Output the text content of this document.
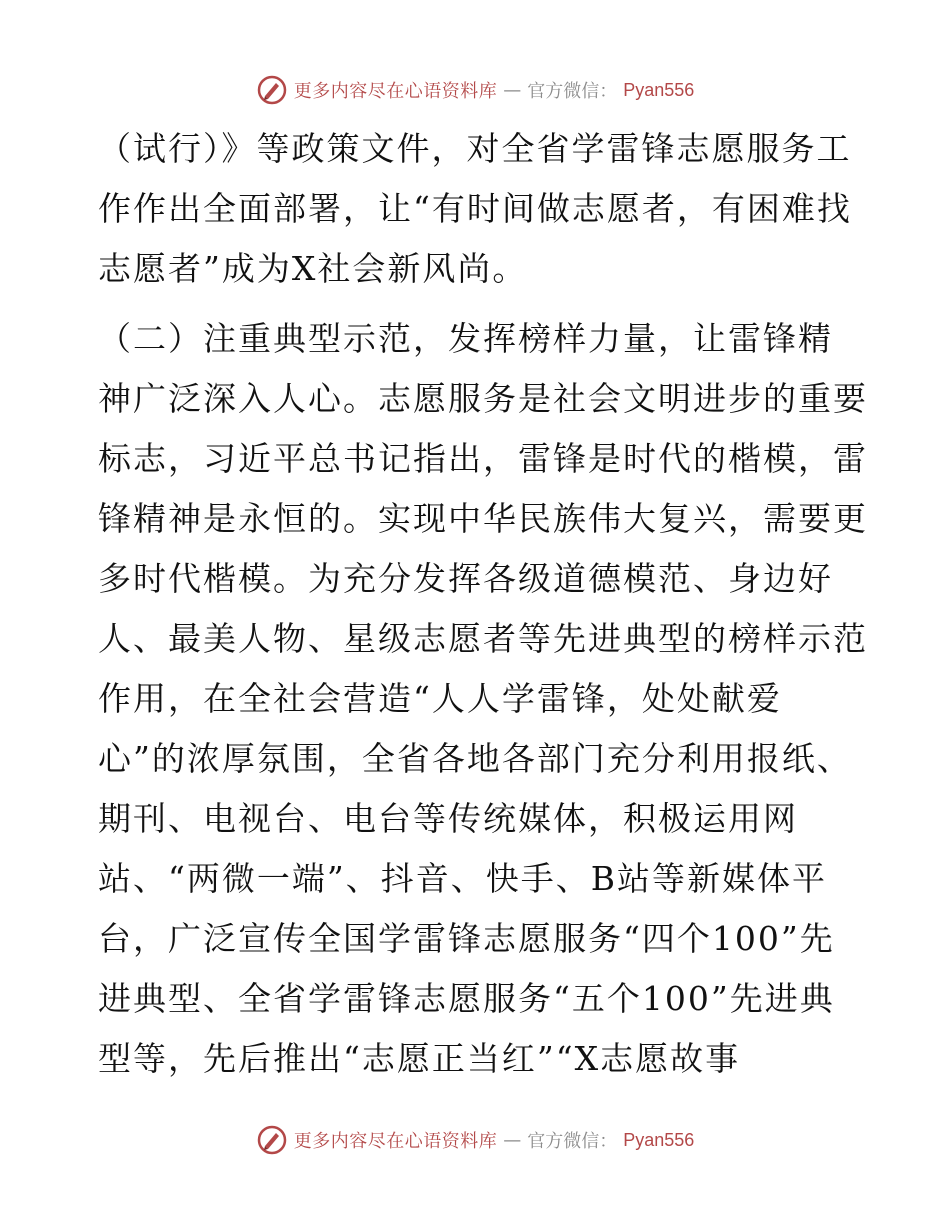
更多内容尽在心语资料库 — 官方微信： Pyan556
（试行）》等政策文件，对全省学雷锋志愿服务工
作作出全面部署，让“有时间做志愿者，有困难找
志愿者”成为X社会新风尚。
（二）注重典型示范，发挥榜样力量，让雷锋精
神广泛深入人心。志愿服务是社会文明进步的重要
标志，习近平总书记指出，雷锋是时代的楷模，雷
锋精神是永恒的。实现中华民族伟大复兴，需要更
多时代楷模。为充分发挥各级道德模范、身边好
人、最美人物、星级志愿者等先进典型的榜样示范
作用，在全社会营造“人人学雷锋，处处献爱
心”的浓厚氛围，全省各地各部门充分利用报纸、
期刊、电视台、电台等传统媒体，积极运用网
站、“两微一端”、抖音、快手、B站等新媒体平
台，广泛宣传全国学雷锋志愿服务“四个100”先
进典型、全省学雷锋志愿服务“五个100”先进典
型等，先后推出“志愿正当红”“X志愿故事
更多内容尽在心语资料库 — 官方微信： Pyan556
